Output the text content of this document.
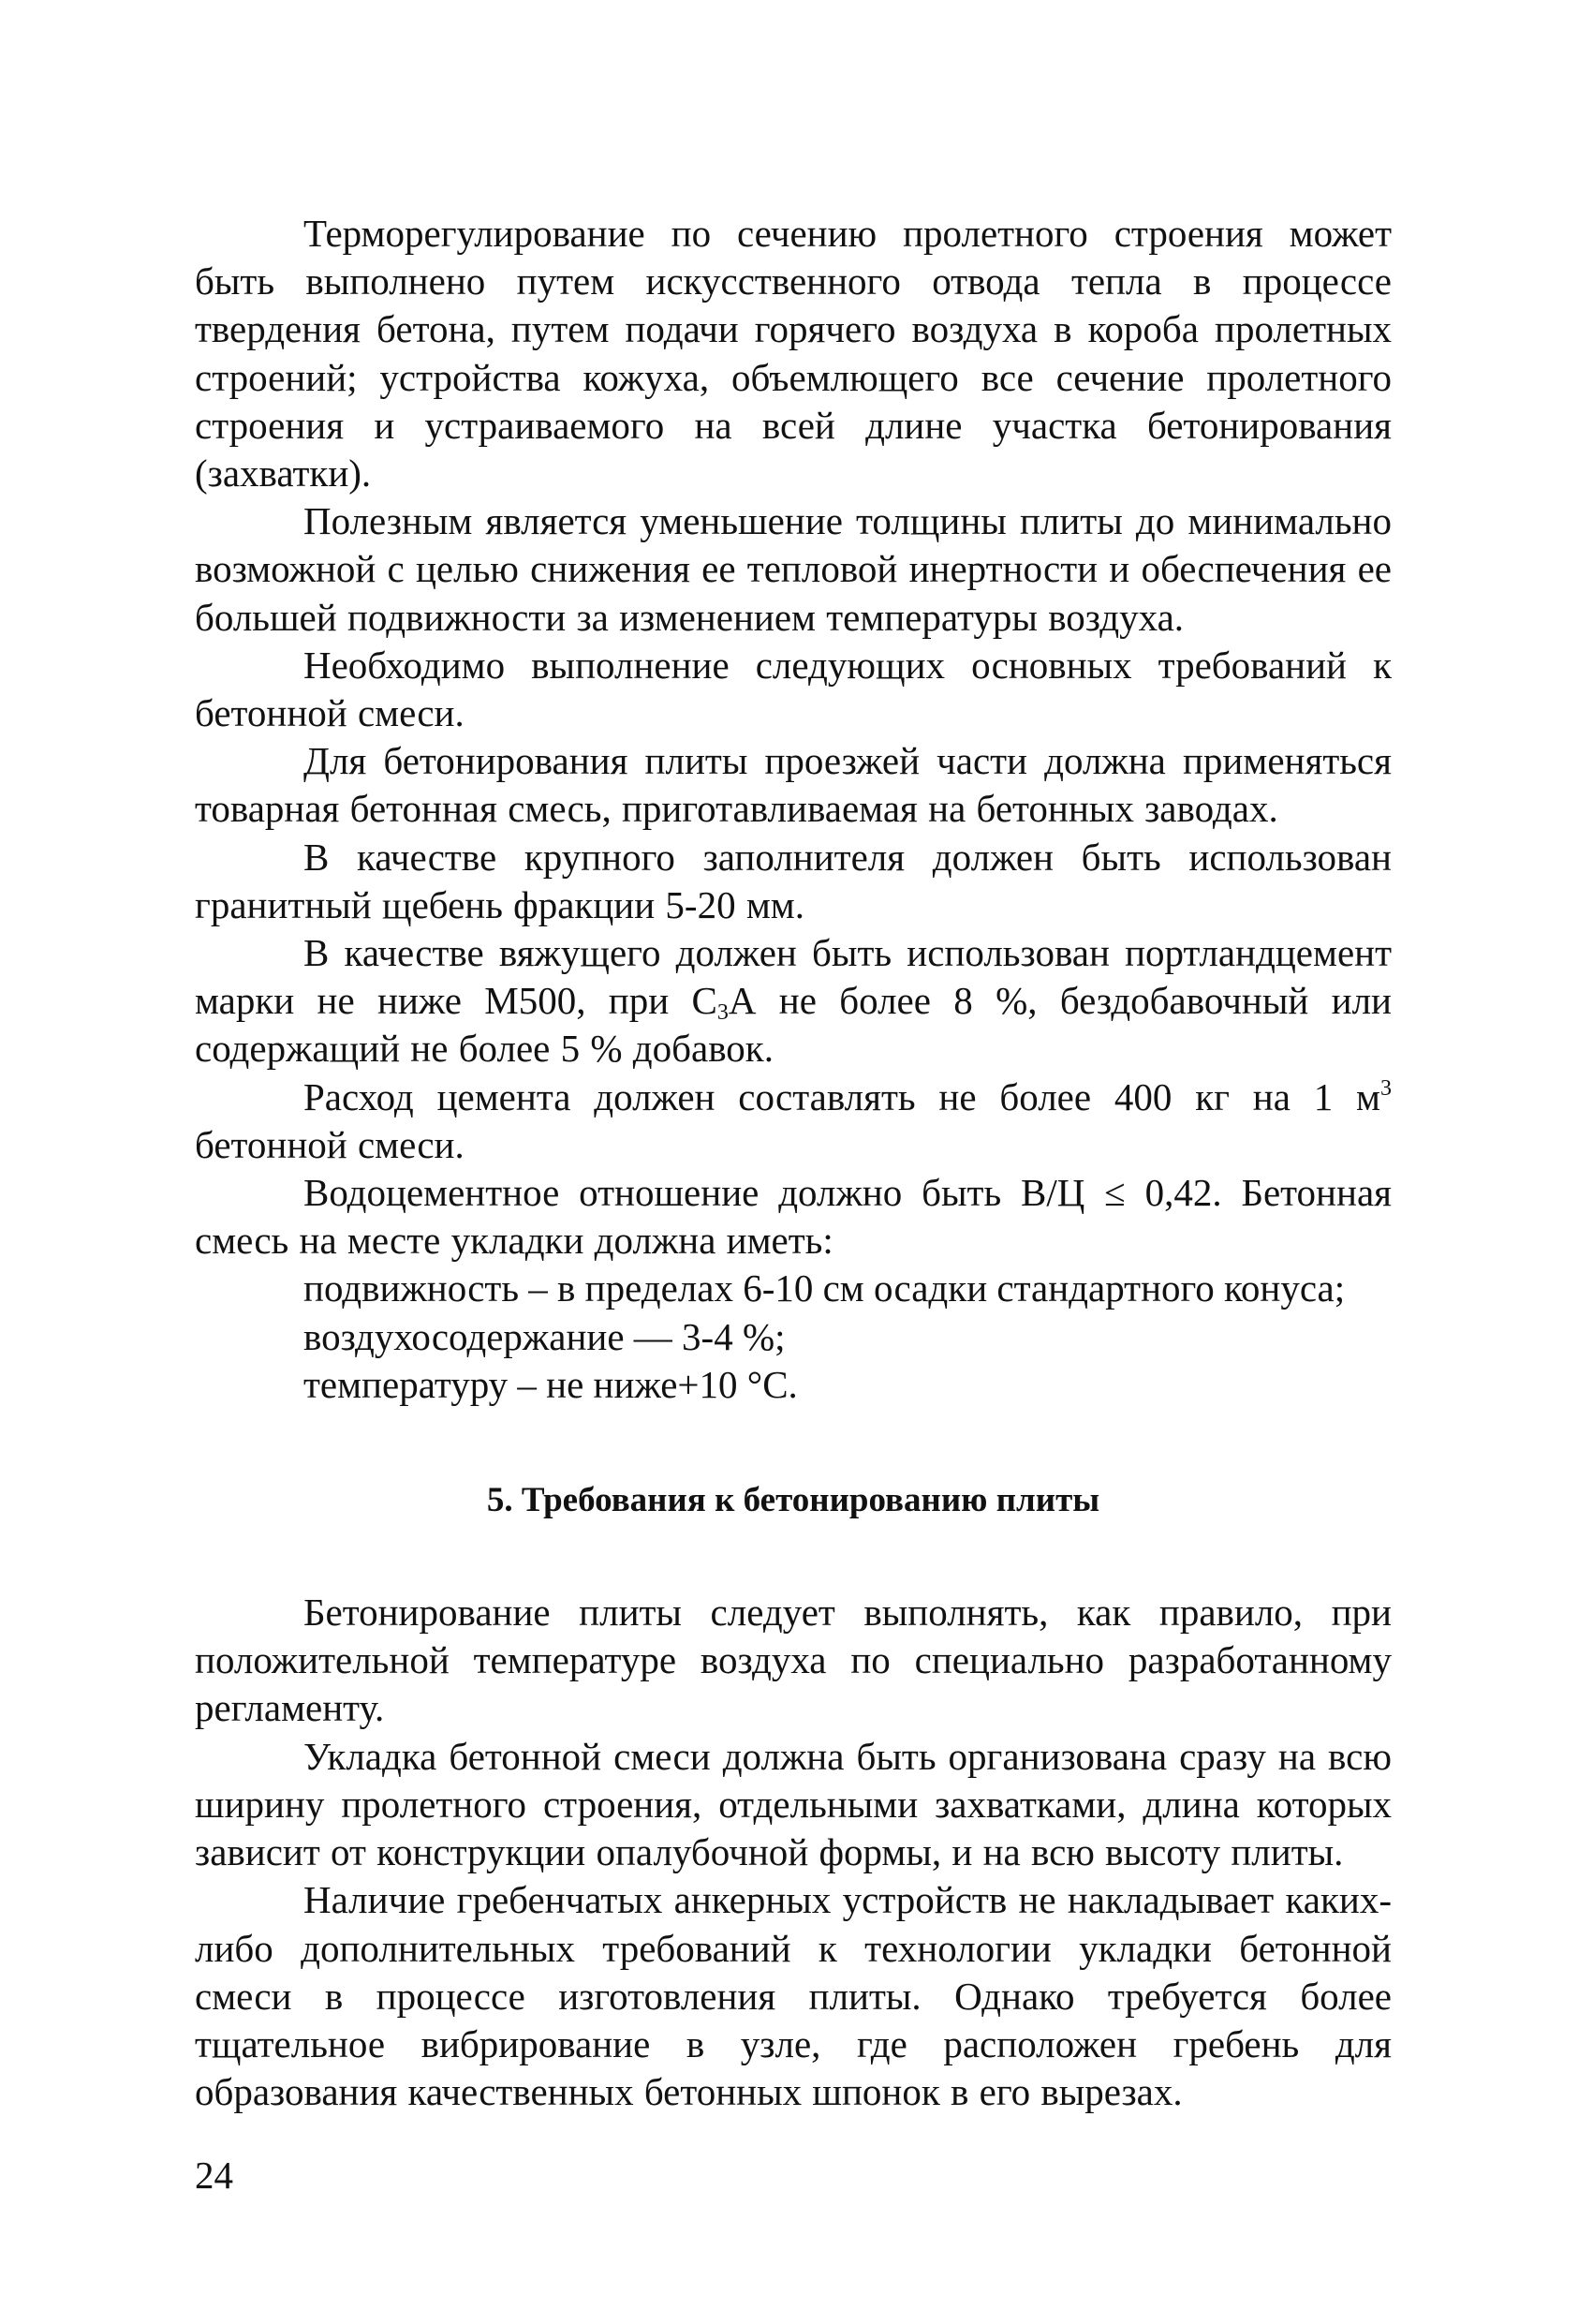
Терморегулирование по сечению пролетного строения может быть выполнено путем искусственного отвода тепла в процессе твердения бетона, путем подачи горячего воздуха в короба пролетных строений; устройства кожуха, объемлющего все сечение пролетного строения и устраиваемого на всей длине участка бетонирования (захватки).

Полезным является уменьшение толщины плиты до минимально возможной с целью снижения ее тепловой инертности и обеспечения ее большей подвижности за изменением температуры воздуха.

Необходимо выполнение следующих основных требований к бетонной смеси.

Для бетонирования плиты проезжей части должна применяться товарная бетонная смесь, приготавливаемая на бетонных заводах.

В качестве крупного заполнителя должен быть использован гранитный щебень фракции 5-20 мм.

В качестве вяжущего должен быть использован портландцемент марки не ниже М500, при $С_3А$ не более 8 %, бездобавочный или содержащий не более 5 % добавок.

Расход цемента должен составлять не более 400 кг на 1 $м^3$ бетонной смеси.

Водоцементное отношение должно быть В/Ц ≤ 0,42. Бетонная смесь на месте укладки должна иметь:

подвижность – в пределах 6-10 см осадки стандартного конуса;
воздухосодержание — 3-4 %;
температуру – не ниже+10 °С.
5. Требования к бетонированию плиты

Бетонирование плиты следует выполнять, как правило, при положительной температуре воздуха по специально разработанному регламенту.

Укладка бетонной смеси должна быть организована сразу на всю ширину пролетного строения, отдельными захватками, длина которых зависит от конструкции опалубочной формы, и на всю высоту плиты.

Наличие гребенчатых анкерных устройств не накладывает каких-либо дополнительных требований к технологии укладки бетонной смеси в процессе изготовления плиты. Однако требуется более тщательное вибрирование в узле, где расположен гребень для образования качественных бетонных шпонок в его вырезах.

24
